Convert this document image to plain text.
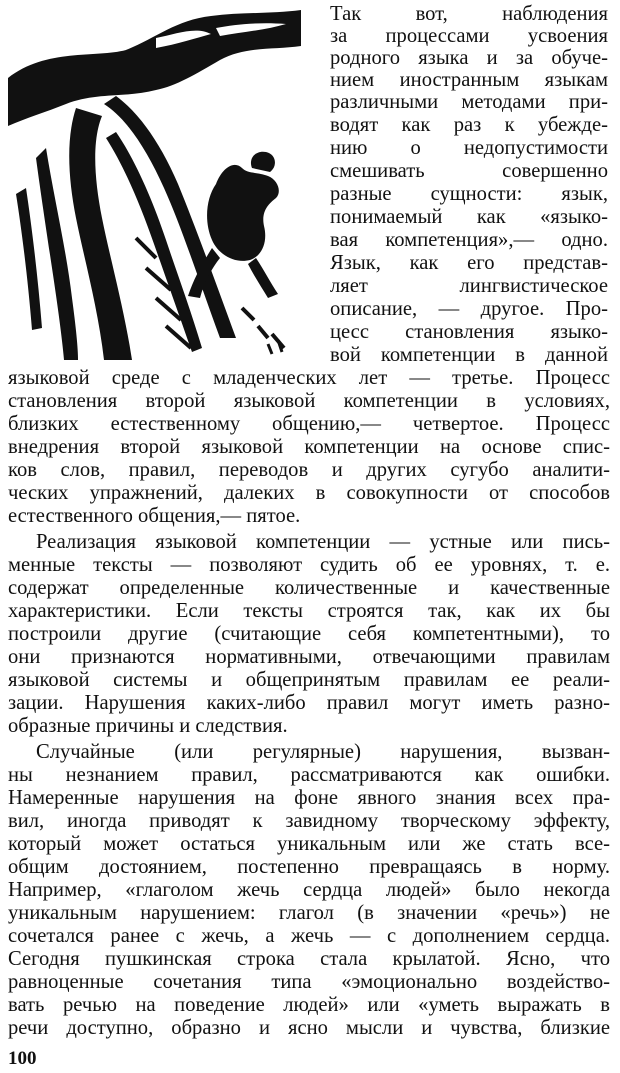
Так вот, наблюдения
за процессами усвоения
родного языка и за обуче-
нием иностранным языкам
различными методами при-
водят как раз к убежде-
нию о недопустимости
смешивать совершенно
разные сущности: язык,
понимаемый как «языко-
вая компетенция»,— одно.
Язык, как его представ-
ляет лингвистическое
описание, — другое. Про-
цесс становления языко-
вой компетенции в данной
языковой среде с младенческих лет — третье. Процесс
становления второй языковой компетенции в условиях,
близких естественному общению,— четвертое. Процесс
внедрения второй языковой компетенции на основе спис-
ков слов, правил, переводов и других сугубо аналити-
ческих упражнений, далеких в совокупности от способов
естественного общения,— пятое.
Реализация языковой компетенции — устные или пись-
менные тексты — позволяют судить об ее уровнях, т. е.
содержат определенные количественные и качественные
характеристики. Если тексты строятся так, как их бы
построили другие (считающие себя компетентными), то
они признаются нормативными, отвечающими правилам
языковой системы и общепринятым правилам ее реали-
зации. Нарушения каких-либо правил могут иметь разно-
образные причины и следствия.
Случайные (или регулярные) нарушения, вызван-
ны незнанием правил, рассматриваются как ошибки.
Намеренные нарушения на фоне явного знания всех пра-
вил, иногда приводят к завидному творческому эффекту,
который может остаться уникальным или же стать все-
общим достоянием, постепенно превращаясь в норму.
Например, «глаголом жечь сердца людей» было некогда
уникальным нарушением: глагол (в значении «речь») не
сочетался ранее с жечь, а жечь — с дополнением сердца.
Сегодня пушкинская строка стала крылатой. Ясно, что
равноценные сочетания типа «эмоционально воздейство-
вать речью на поведение людей» или «уметь выражать в
речи доступно, образно и ясно мысли и чувства, близкие
100
